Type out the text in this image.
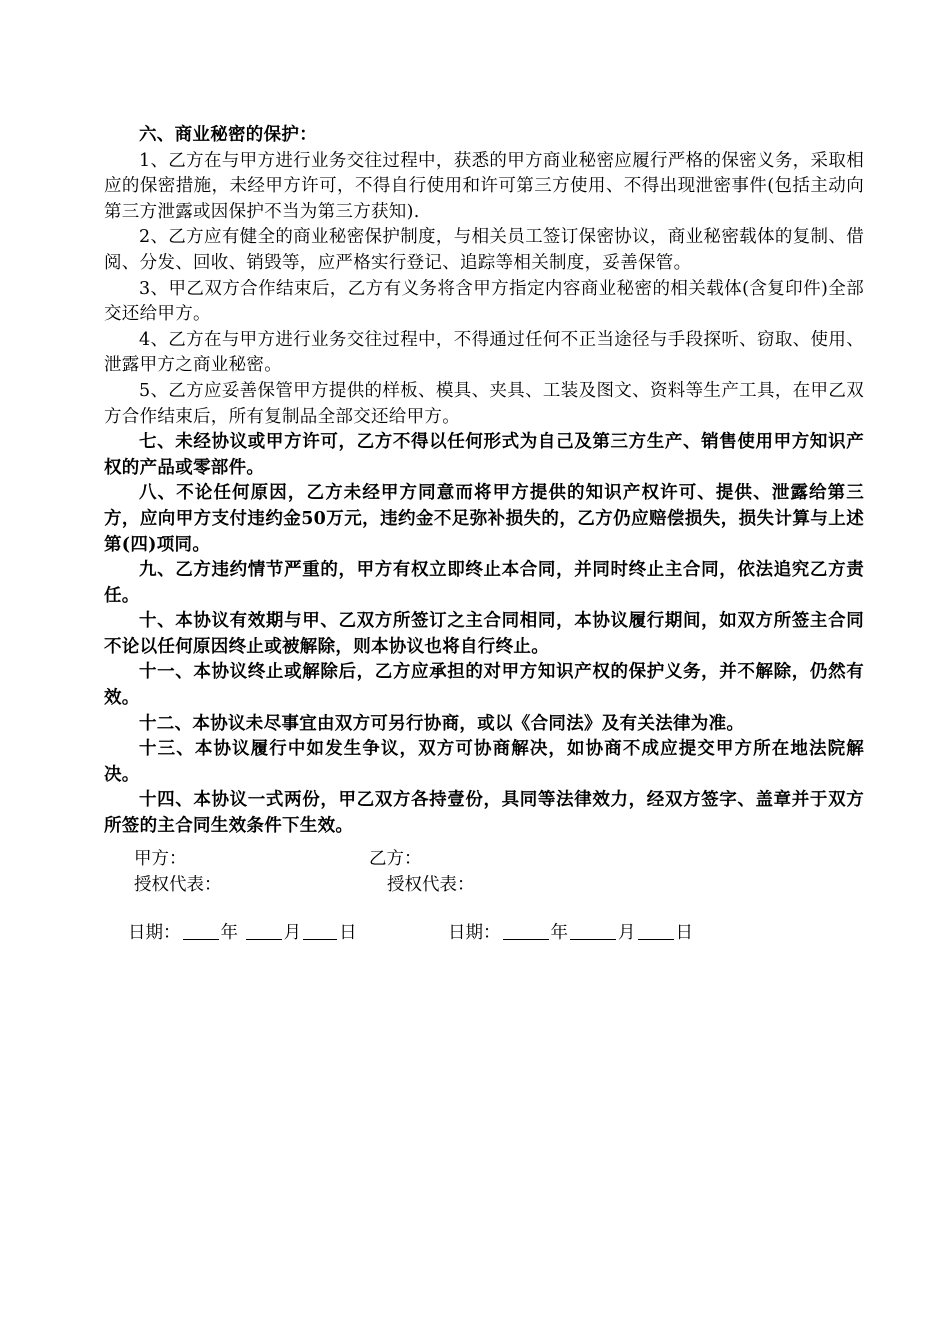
六、商业秘密的保护：

1、乙方在与甲方进行业务交往过程中，获悉的甲方商业秘密应履行严格的保密义务，采取相应的保密措施，未经甲方许可，不得自行使用和许可第三方使用、不得出现泄密事件(包括主动向第三方泄露或因保护不当为第三方获知).

2、乙方应有健全的商业秘密保护制度，与相关员工签订保密协议，商业秘密载体的复制、借阅、分发、回收、销毁等，应严格实行登记、追踪等相关制度，妥善保管。

3、甲乙双方合作结束后，乙方有义务将含甲方指定内容商业秘密的相关载体(含复印件)全部交还给甲方。

4、乙方在与甲方进行业务交往过程中，不得通过任何不正当途径与手段探听、窃取、使用、泄露甲方之商业秘密。

5、乙方应妥善保管甲方提供的样板、模具、夹具、工装及图文、资料等生产工具，在甲乙双方合作结束后，所有复制品全部交还给甲方。

七、未经协议或甲方许可，乙方不得以任何形式为自己及第三方生产、销售使用甲方知识产权的产品或零部件。

八、不论任何原因，乙方未经甲方同意而将甲方提供的知识产权许可、提供、泄露给第三方，应向甲方支付违约金50万元，违约金不足弥补损失的，乙方仍应赔偿损失，损失计算与上述第(四)项同。

九、乙方违约情节严重的，甲方有权立即终止本合同，并同时终止主合同，依法追究乙方责任。

十、本协议有效期与甲、乙双方所签订之主合同相同，本协议履行期间，如双方所签主合同不论以任何原因终止或被解除，则本协议也将自行终止。

十一、本协议终止或解除后，乙方应承担的对甲方知识产权的保护义务，并不解除，仍然有效。

十二、本协议未尽事宜由双方可另行协商，或以《合同法》及有关法律为准。

十三、本协议履行中如发生争议，双方可协商解决，如协商不成应提交甲方所在地法院解决。

十四、本协议一式两份，甲乙双方各持壹份，具同等法律效力，经双方签字、盖章并于双方所签的主合同生效条件下生效。

甲方：	乙方：
授权代表：	授权代表：
日期： 年	月 日	日期：	年	月 日
